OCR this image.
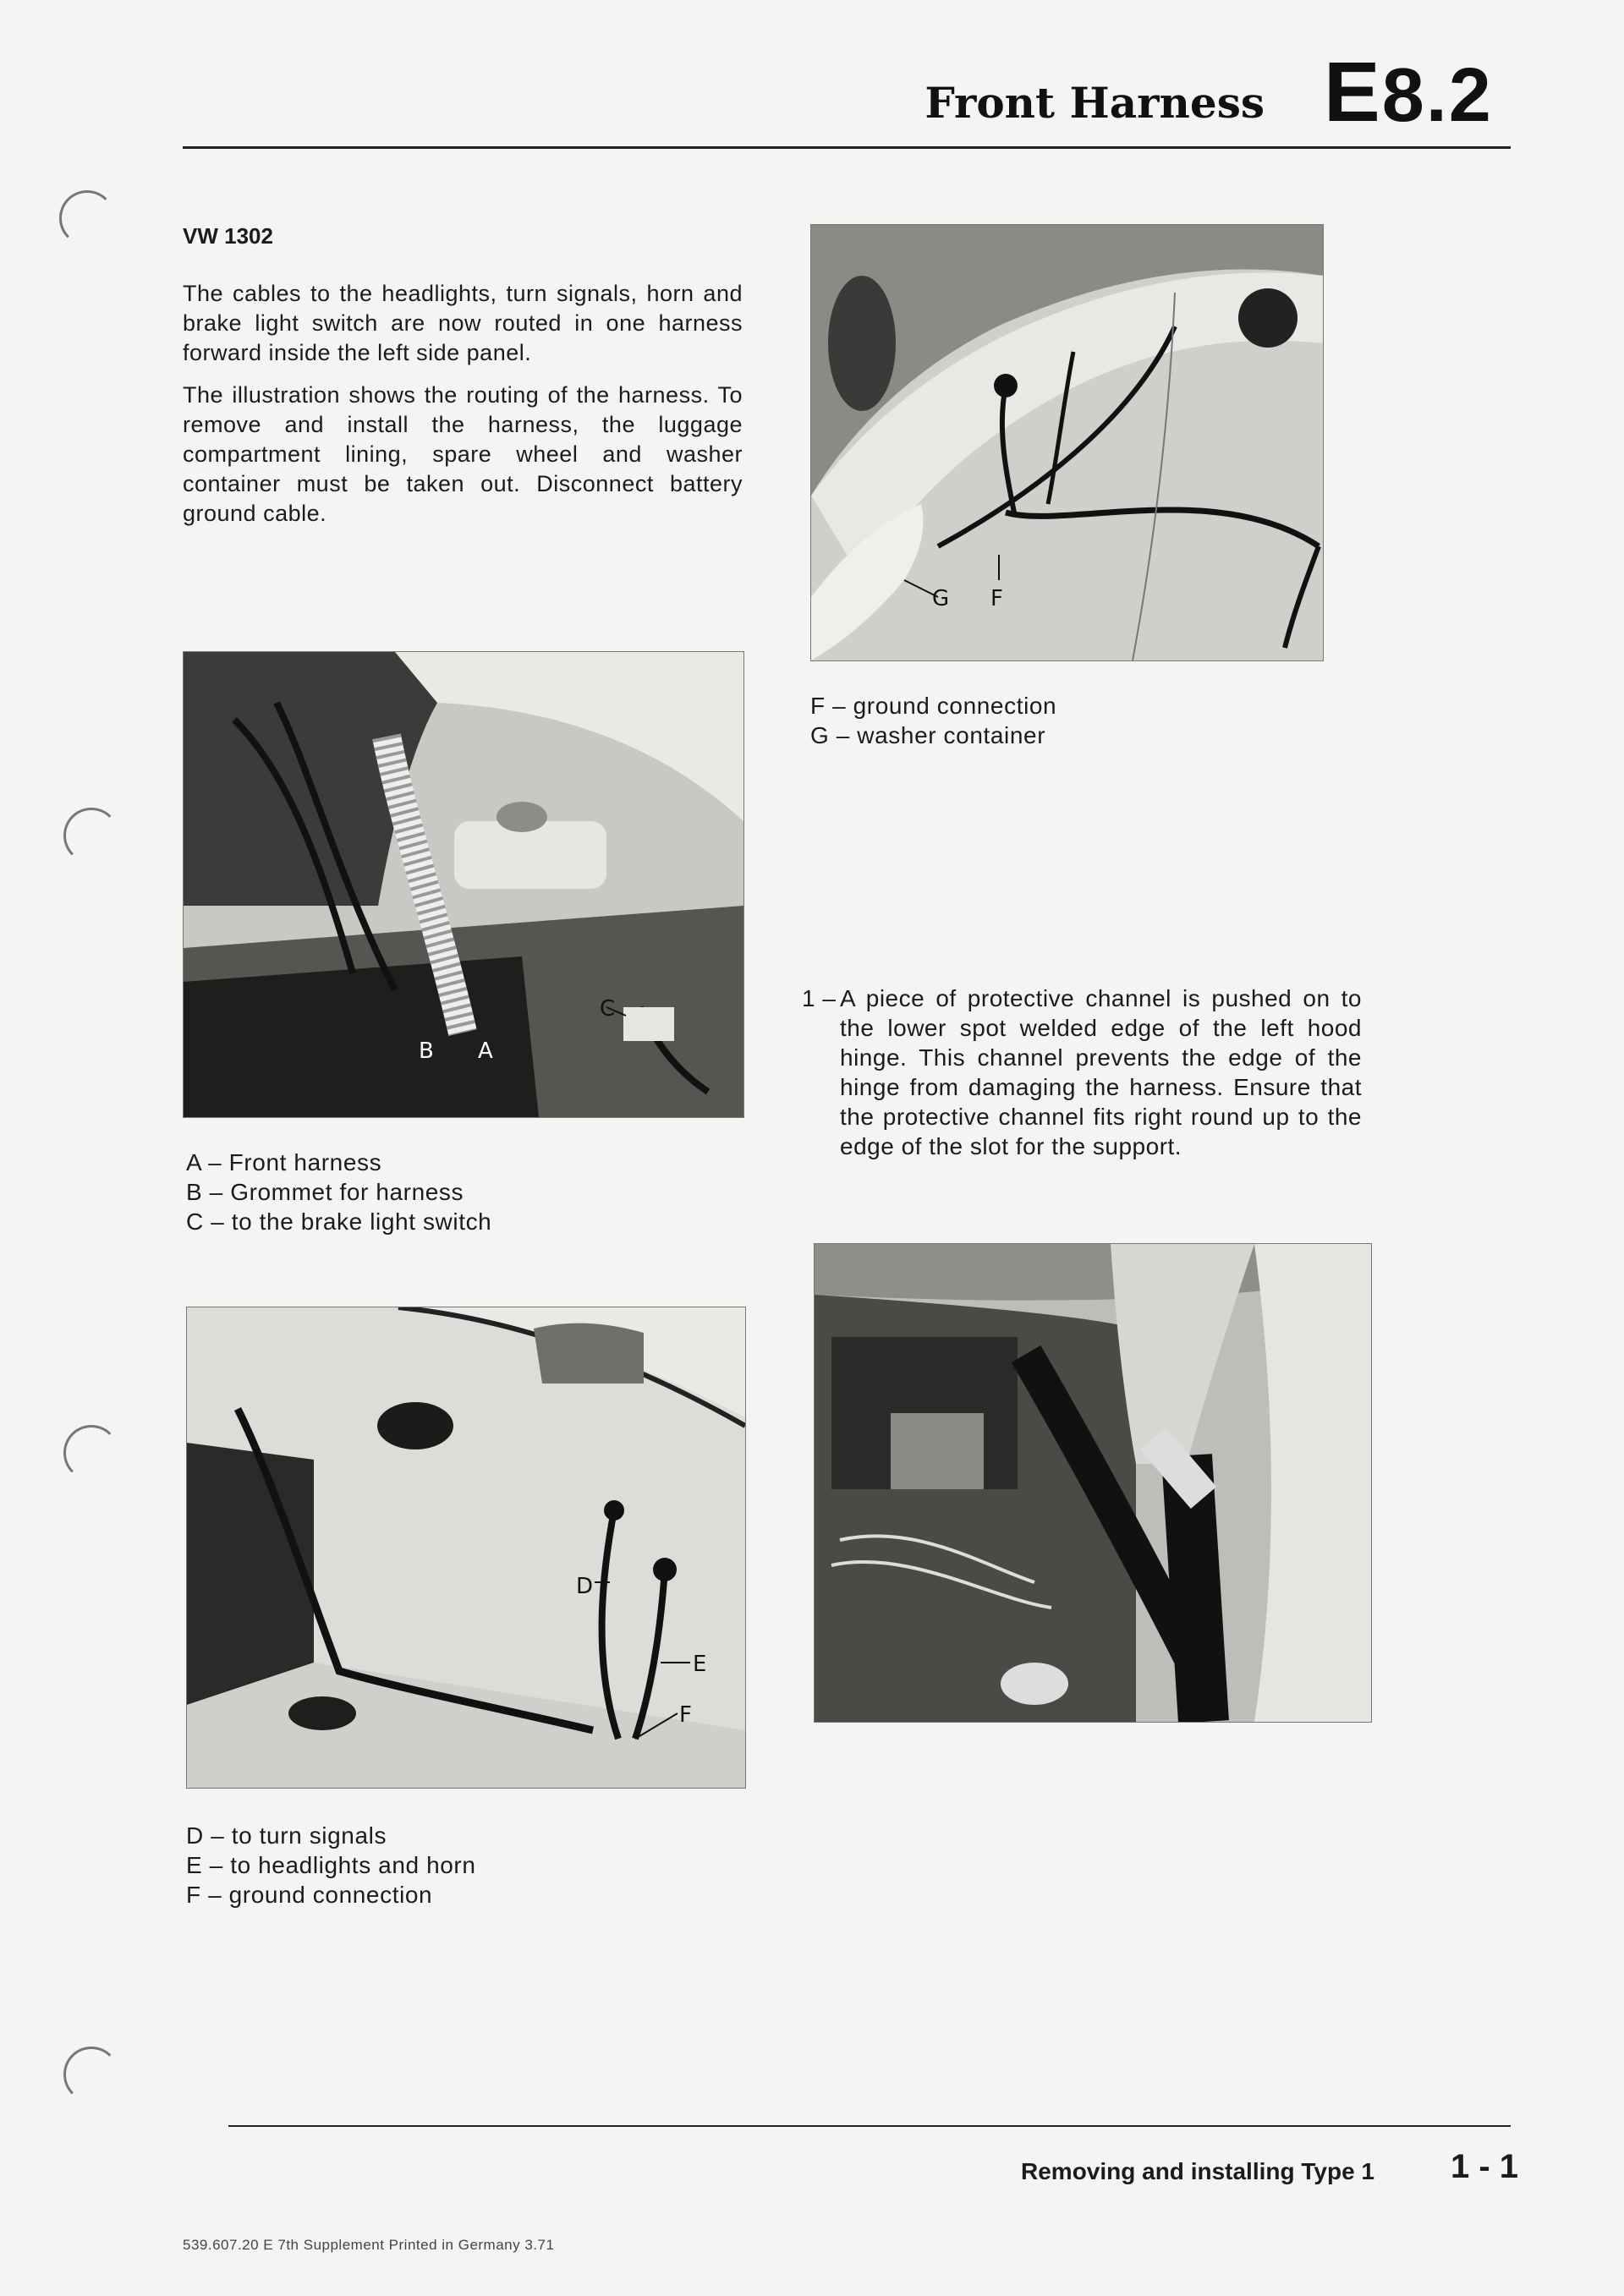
Front Harness E8.2
VW 1302
The cables to the headlights, turn signals, horn and brake light switch are now routed in one harness forward inside the left side panel.
The illustration shows the routing of the harness. To remove and install the harness, the luggage compartment lining, spare wheel and washer container must be taken out. Disconnect battery ground cable.
G F
F – ground connection
G – washer container
B A
C
A – Front harness
B – Grommet for harness
C – to the brake light switch
1 – A piece of protective channel is pushed on to the lower spot welded edge of the left hood hinge. This channel prevents the edge of the hinge from damaging the harness. Ensure that the protective channel fits right round up to the edge of the slot for the support.
D
E
F
D – to turn signals
E – to headlights and horn
F – ground connection
Removing and installing Type 1 1 - 1
539.607.20 E 7th Supplement Printed in Germany 3.71
